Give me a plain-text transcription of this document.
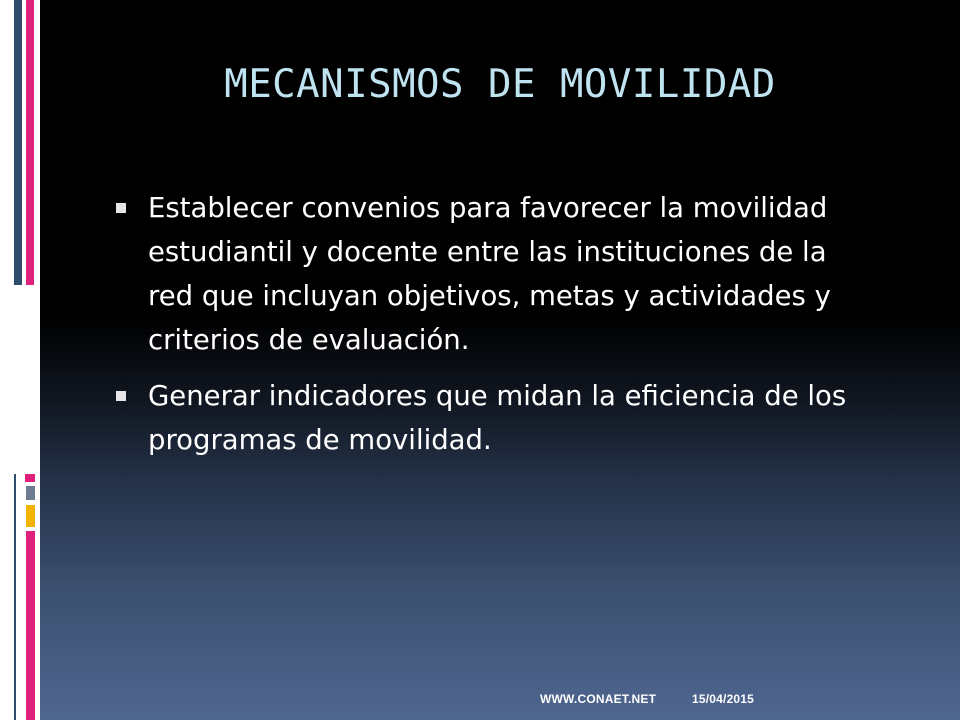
MECANISMOS DE MOVILIDAD
Establecer convenios para favorecer la movilidad estudiantil y docente entre las instituciones de la red que incluyan objetivos, metas y actividades y criterios de evaluación.
Generar indicadores que midan la eficiencia de los programas de movilidad.
WWW.CONAET.NET	15/04/2015
